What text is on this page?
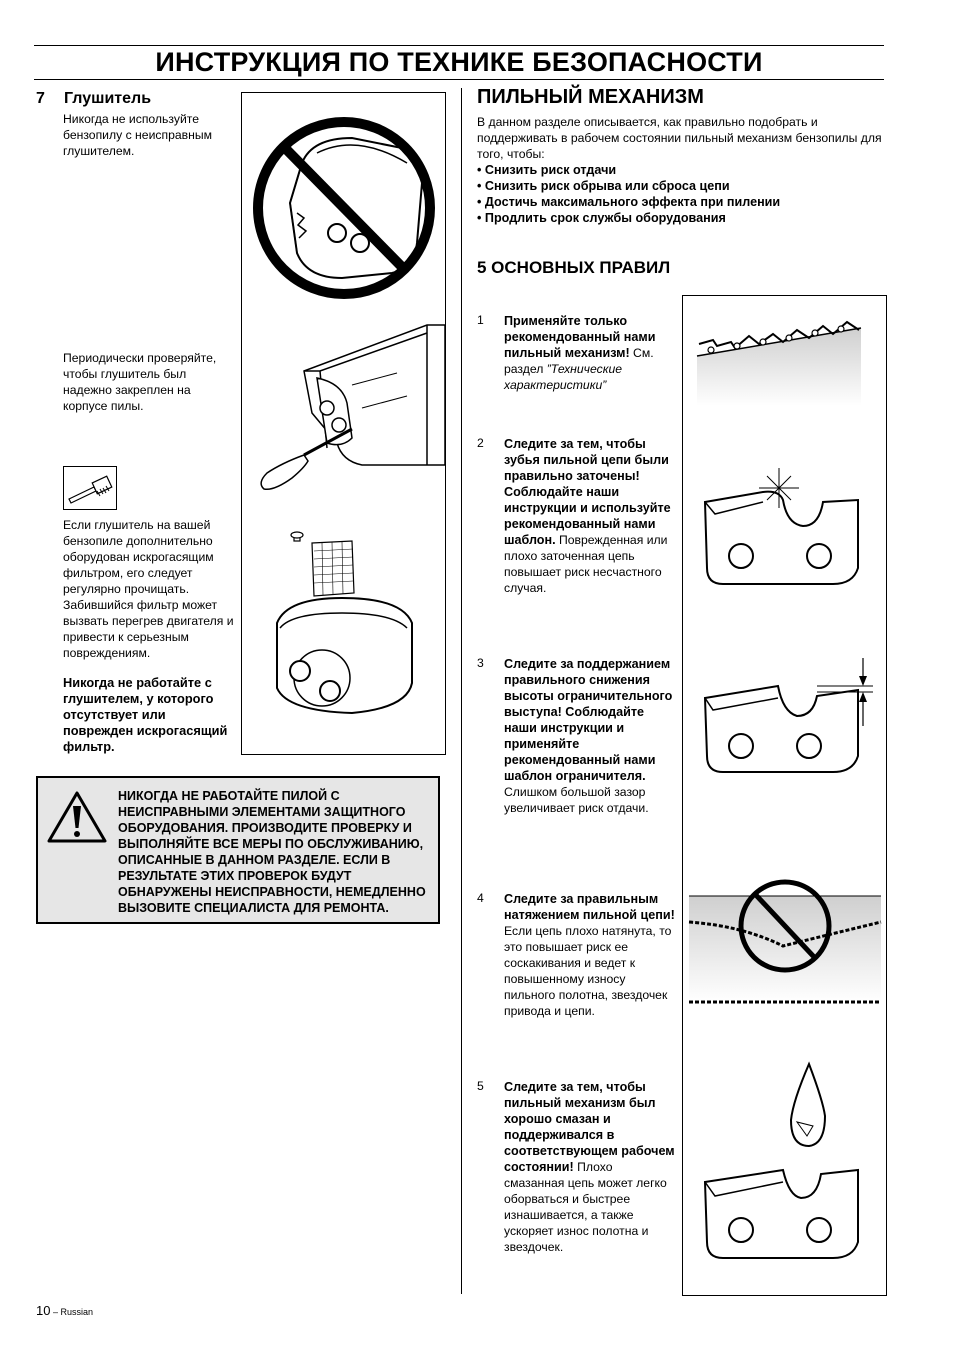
ИНСТРУКЦИЯ ПО ТЕХНИКЕ БЕЗОПАСНОСТИ
7 Глушитель
Никогда не используйте бензопилу с неисправным глушителем.
Периодически проверяйте, чтобы глушитель был надежно закреплен на корпусе пилы.
Если глушитель на вашей бензопиле дополнительно оборудован искрогасящим фильтром, его следует регулярно прочищать. Забившийся фильтр может вызвать перегрев двигателя и привести к серьезным повреждениям.
Никогда не работайте с глушителем, у которого отсутствует или поврежден искрогасящий фильтр.
НИКОГДА НЕ РАБОТАЙТЕ ПИЛОЙ С НЕИСПРАВНЫМИ ЭЛЕМЕНТАМИ ЗАЩИТНОГО ОБОРУДОВАНИЯ. ПРОИЗВОДИТЕ ПРОВЕРКУ И ВЫПОЛНЯЙТЕ ВСЕ МЕРЫ ПО ОБСЛУЖИВАНИЮ, ОПИСАННЫЕ В ДАННОМ РАЗДЕЛЕ. ЕСЛИ В РЕЗУЛЬТАТЕ ЭТИХ ПРОВЕРОК БУДУТ ОБНАРУЖЕНЫ НЕИСПРАВНОСТИ, НЕМЕДЛЕННО ВЫЗОВИТЕ СПЕЦИАЛИСТА ДЛЯ РЕМОНТА.
ПИЛЬНЫЙ МЕХАНИЗМ
В данном разделе описывается, как правильно подобрать и поддерживать в рабочем состоянии пильный механизм бензопилы для того, чтобы:
• Снизить риск отдачи
• Снизить риск обрыва или сброса цепи
• Достичь максимального эффекта при пилении
• Продлить срок службы оборудования
5 ОСНОВНЫХ ПРАВИЛ
1 Применяйте только рекомендованный нами пильный механизм! См. раздел ”Технические характеристики”
2 Следите за тем, чтобы зубья пильной цепи были правильно заточены! Соблюдайте наши инструкции и используйте рекомендованный нами шаблон. Поврежденная или плохо заточенная цепь повышает риск несчастного случая.
3 Следите за поддержанием правильного снижения высоты ограничительного выступа! Соблюдайте наши инструкции и применяйте рекомендованный нами шаблон ограничителя. Слишком большой зазор увеличивает риск отдачи.
4 Следите за правильным натяжением пильной цепи! Если цепь плохо натянута, то это повышает риск ее соскакивания и ведет к повышенному износу пильного полотна, звездочек привода и цепи.
5 Следите за тем, чтобы пильный механизм был хорошо смазан и поддерживался в соответствующем рабочем состоянии! Плохо смазанная цепь может легко оборваться и быстрее изнашивается, а также ускоряет износ полотна и звездочек.
10 – Russian
